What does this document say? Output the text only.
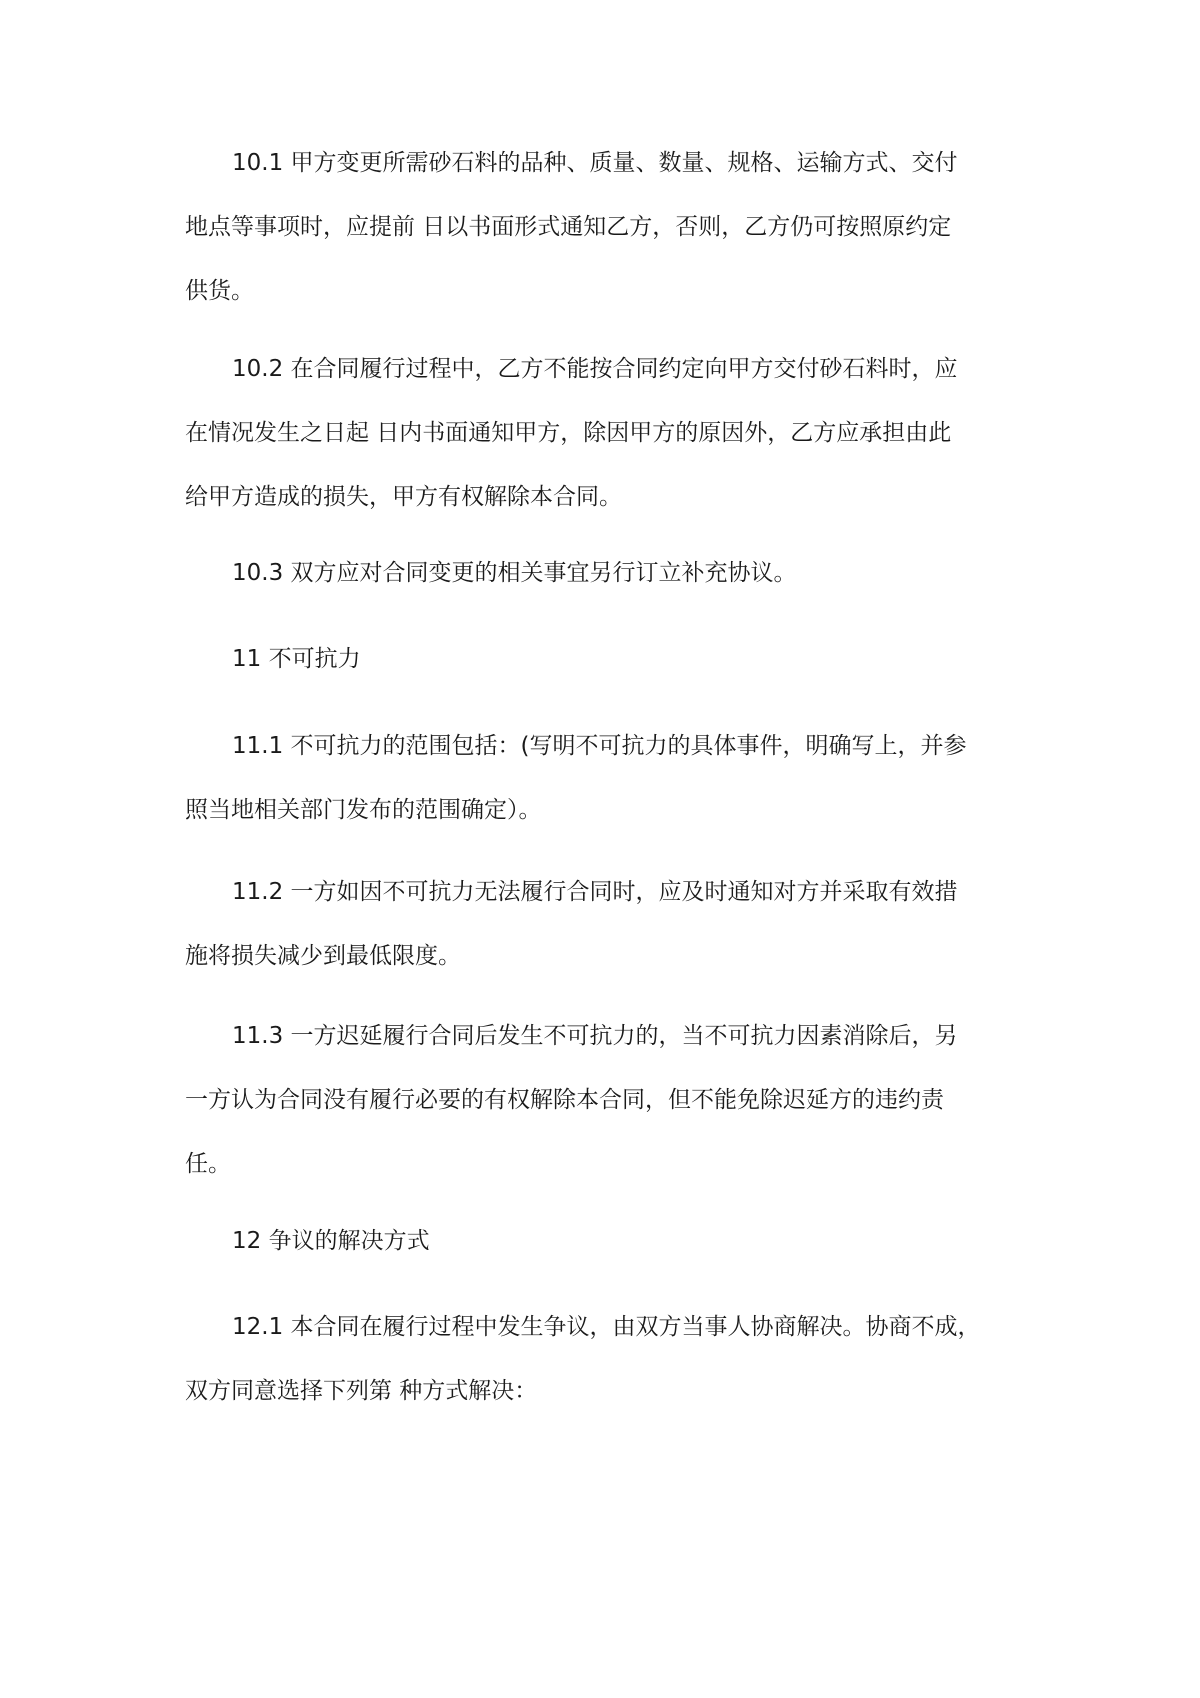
10.1 甲方变更所需砂石料的品种、质量、数量、规格、运输方式、交付
地点等事项时，应提前 日以书面形式通知乙方，否则，乙方仍可按照原约定
供货。

10.2 在合同履行过程中，乙方不能按合同约定向甲方交付砂石料时，应
在情况发生之日起 日内书面通知甲方，除因甲方的原因外，乙方应承担由此
给甲方造成的损失，甲方有权解除本合同。

10.3 双方应对合同变更的相关事宜另行订立补充协议。

11 不可抗力

11.1 不可抗力的范围包括：(写明不可抗力的具体事件，明确写上，并参
照当地相关部门发布的范围确定）。

11.2 一方如因不可抗力无法履行合同时，应及时通知对方并采取有效措
施将损失减少到最低限度。

11.3 一方迟延履行合同后发生不可抗力的，当不可抗力因素消除后，另
一方认为合同没有履行必要的有权解除本合同，但不能免除迟延方的违约责
任。

12 争议的解决方式

12.1 本合同在履行过程中发生争议，由双方当事人协商解决。协商不成，
双方同意选择下列第 种方式解决：
